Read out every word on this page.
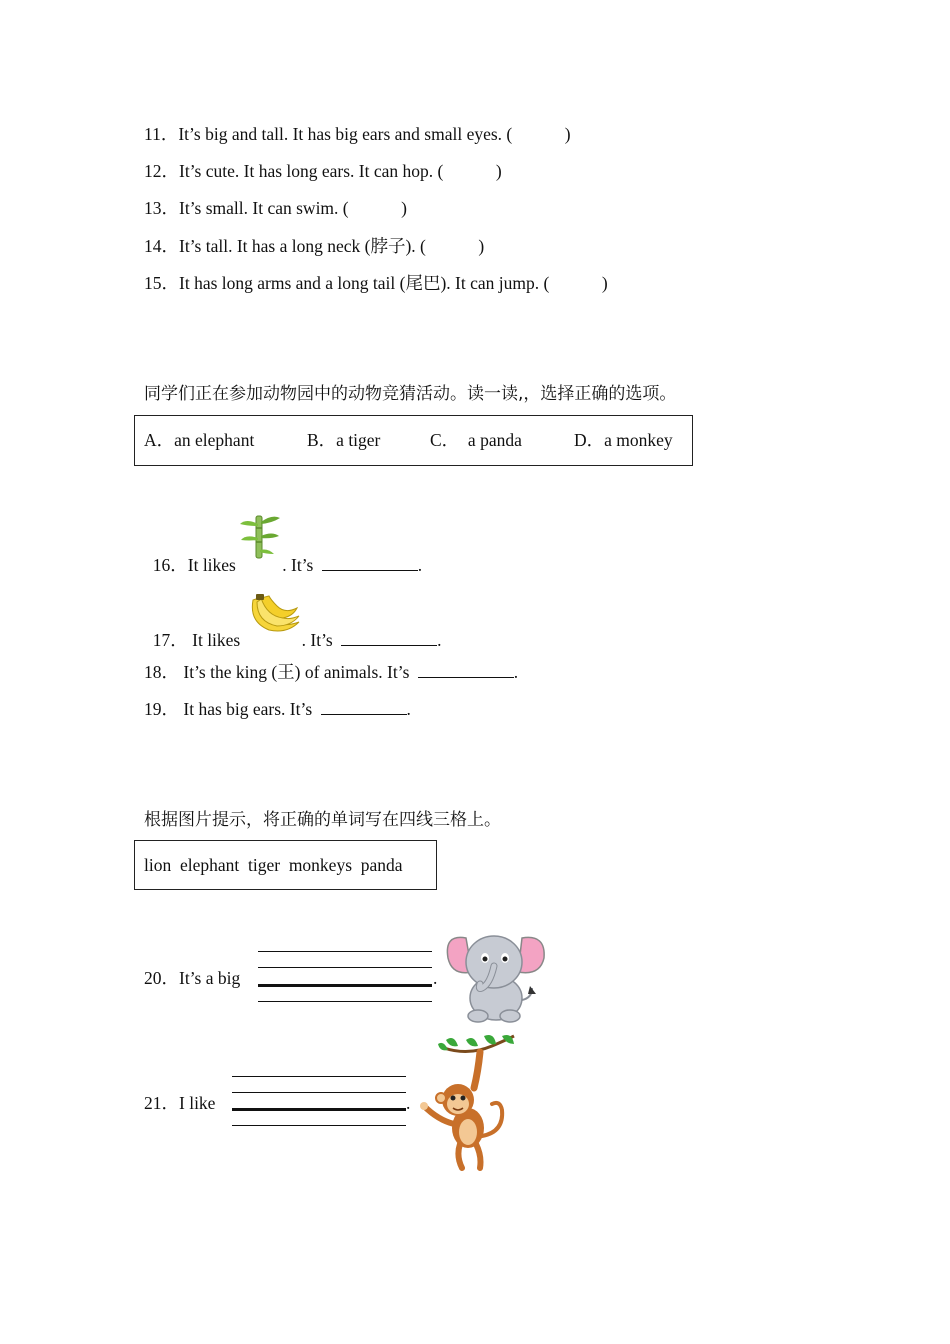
11．It’s big and tall. It has big ears and small eyes. (            )
12．It’s cute. It has long ears. It can hop. (            )
13．It’s small. It can swim. (            )
14．It’s tall. It has a long neck (脖子). (            )
15．It has long arms and a long tail (尾巴). It can jump. (            )
同学们正在参加动物园中的动物竞猜活动。读一读,，选择正确的选项。
A．an elephant	B．a tiger	C．  a panda	D．a monkey

16．It likes . It’s	.

17． It likes	. It’s	.

18． It’s the king (王) of animals. It’s	.
19． It has big ears. It’s	.
根据图片提示，将正确的单词写在四线三格上。
lion  elephant  tiger  monkeys  panda
20．It’s a big	.
21．I like	.
